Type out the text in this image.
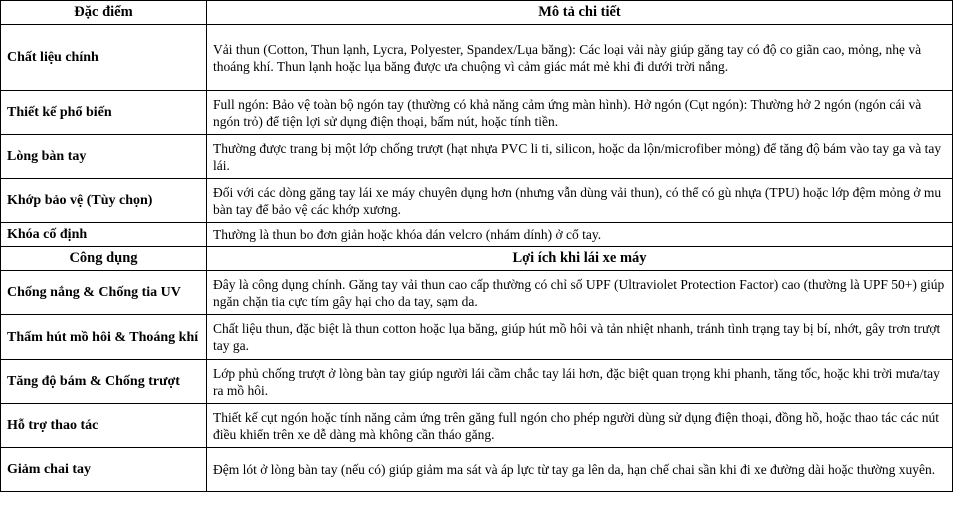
Đặc điểm	Mô tả chi tiết
Chất liệu chính	Vải thun (Cotton, Thun lạnh, Lycra, Polyester, Spandex/Lụa băng): Các loại vải này giúp găng tay có độ co giãn cao, mỏng, nhẹ và thoáng khí. Thun lạnh hoặc lụa băng được ưa chuộng vì cảm giác mát mẻ khi đi dưới trời nắng.
Thiết kế phổ biến	Full ngón: Bảo vệ toàn bộ ngón tay (thường có khả năng cảm ứng màn hình). Hở ngón (Cụt ngón): Thường hở 2 ngón (ngón cái và ngón trỏ) để tiện lợi sử dụng điện thoại, bấm nút, hoặc tính tiền.
Lòng bàn tay	Thường được trang bị một lớp chống trượt (hạt nhựa PVC li ti, silicon, hoặc da lộn/microfiber mỏng) để tăng độ bám vào tay ga và tay lái.
Khớp bảo vệ (Tùy chọn)	Đối với các dòng găng tay lái xe máy chuyên dụng hơn (nhưng vẫn dùng vải thun), có thể có gù nhựa (TPU) hoặc lớp đệm mỏng ở mu bàn tay để bảo vệ các khớp xương.
Khóa cố định	Thường là thun bo đơn giản hoặc khóa dán velcro (nhám dính) ở cổ tay.
Công dụng	Lợi ích khi lái xe máy
Chống nắng & Chống tia UV	Đây là công dụng chính. Găng tay vải thun cao cấp thường có chỉ số UPF (Ultraviolet Protection Factor) cao (thường là UPF 50+) giúp ngăn chặn tia cực tím gây hại cho da tay, sạm da.
Thấm hút mồ hôi & Thoáng khí	Chất liệu thun, đặc biệt là thun cotton hoặc lụa băng, giúp hút mồ hôi và tản nhiệt nhanh, tránh tình trạng tay bị bí, nhớt, gây trơn trượt tay ga.
Tăng độ bám & Chống trượt	Lớp phủ chống trượt ở lòng bàn tay giúp người lái cầm chắc tay lái hơn, đặc biệt quan trọng khi phanh, tăng tốc, hoặc khi trời mưa/tay ra mồ hôi.
Hỗ trợ thao tác	Thiết kế cụt ngón hoặc tính năng cảm ứng trên găng full ngón cho phép người dùng sử dụng điện thoại, đồng hồ, hoặc thao tác các nút điều khiển trên xe dễ dàng mà không cần tháo găng.
Giảm chai tay	Đệm lót ở lòng bàn tay (nếu có) giúp giảm ma sát và áp lực từ tay ga lên da, hạn chế chai sần khi đi xe đường dài hoặc thường xuyên.
